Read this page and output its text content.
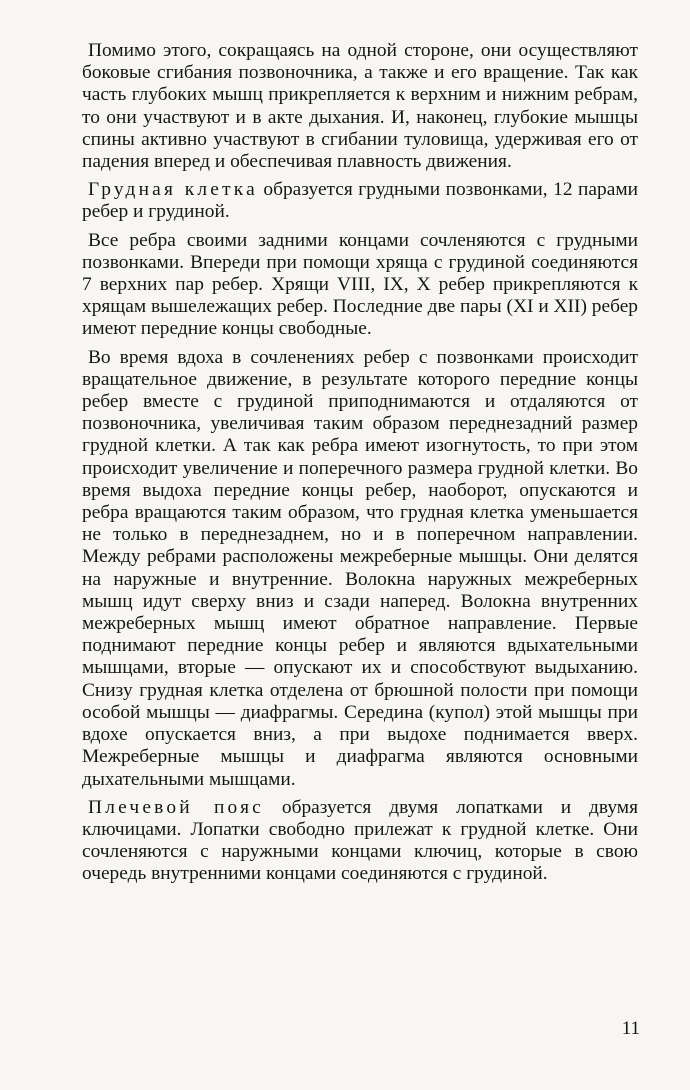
Помимо этого, сокращаясь на одной стороне, они осуществляют боковые сгибания позвоночника, а также и его вращение. Так как часть глубоких мышц прикрепляется к верхним и нижним ребрам, то они участвуют и в акте дыхания. И, наконец, глубокие мышцы спины активно участвуют в сгибании туловища, удерживая его от падения вперед и обеспечивая плавность движения.

Грудная клетка образуется грудными позвонками, 12 парами ребер и грудиной.

Все ребра своими задними концами сочленяются с грудными позвонками. Впереди при помощи хряща с грудиной соединяются 7 верхних пар ребер. Хрящи VIII, IX, X ребер прикрепляются к хрящам вышележащих ребер. Последние две пары (XI и XII) ребер имеют передние концы свободные.

Во время вдоха в сочленениях ребер с позвонками происходит вращательное движение, в результате которого передние концы ребер вместе с грудиной приподнимаются и отдаляются от позвоночника, увеличивая таким образом переднезадний размер грудной клетки. А так как ребра имеют изогнутость, то при этом происходит увеличение и поперечного размера грудной клетки. Во время выдоха передние концы ребер, наоборот, опускаются и ребра вращаются таким образом, что грудная клетка уменьшается не только в переднезаднем, но и в поперечном направлении. Между ребрами расположены межреберные мышцы. Они делятся на наружные и внутренние. Волокна наружных межреберных мышц идут сверху вниз и сзади наперед. Волокна внутренних межреберных мышц имеют обратное направление. Первые поднимают передние концы ребер и являются вдыхательными мышцами, вторые — опускают их и способствуют выдыханию. Снизу грудная клетка отделена от брюшной полости при помощи особой мышцы — диафрагмы. Середина (купол) этой мышцы при вдохе опускается вниз, а при выдохе поднимается вверх. Межреберные мышцы и диафрагма являются основными дыхательными мышцами.

Плечевой пояс образуется двумя лопатками и двумя ключицами. Лопатки свободно прилежат к грудной клетке. Они сочленяются с наружными концами ключиц, которые в свою очередь внутренними концами соединяются с грудиной.

11
